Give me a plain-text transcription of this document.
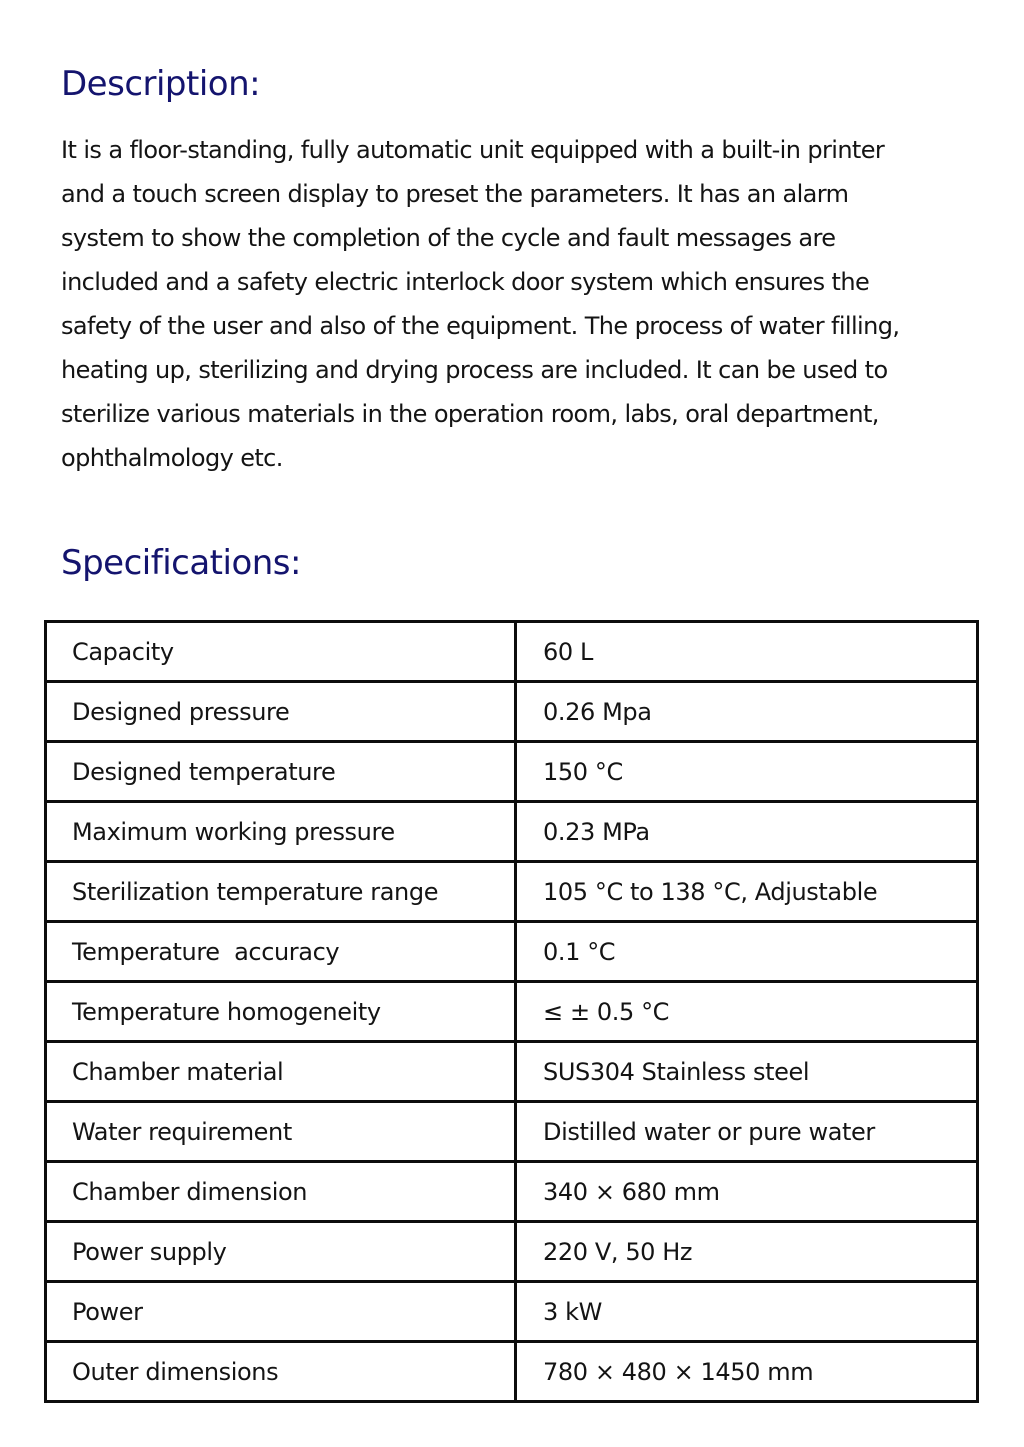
Description:

It is a floor-standing, fully automatic unit equipped with a built-in printer
and a touch screen display to preset the parameters. It has an alarm
system to show the completion of the cycle and fault messages are
included and a safety electric interlock door system which ensures the
safety of the user and also of the equipment. The process of water filling,
heating up, sterilizing and drying process are included. It can be used to
sterilize various materials in the operation room, labs, oral department,
ophthalmology etc.

Specifications:
Capacity	60 L
Designed pressure	0.26 Mpa
Designed temperature	150 °C
Maximum working pressure	0.23 MPa
Sterilization temperature range	105 °C to 138 °C, Adjustable
Temperature  accuracy	0.1 °C
Temperature homogeneity	≤ ± 0.5 °C
Chamber material	SUS304 Stainless steel
Water requirement	Distilled water or pure water
Chamber dimension	340 × 680 mm
Power supply	220 V, 50 Hz
Power	3 kW
Outer dimensions	780 × 480 × 1450 mm
